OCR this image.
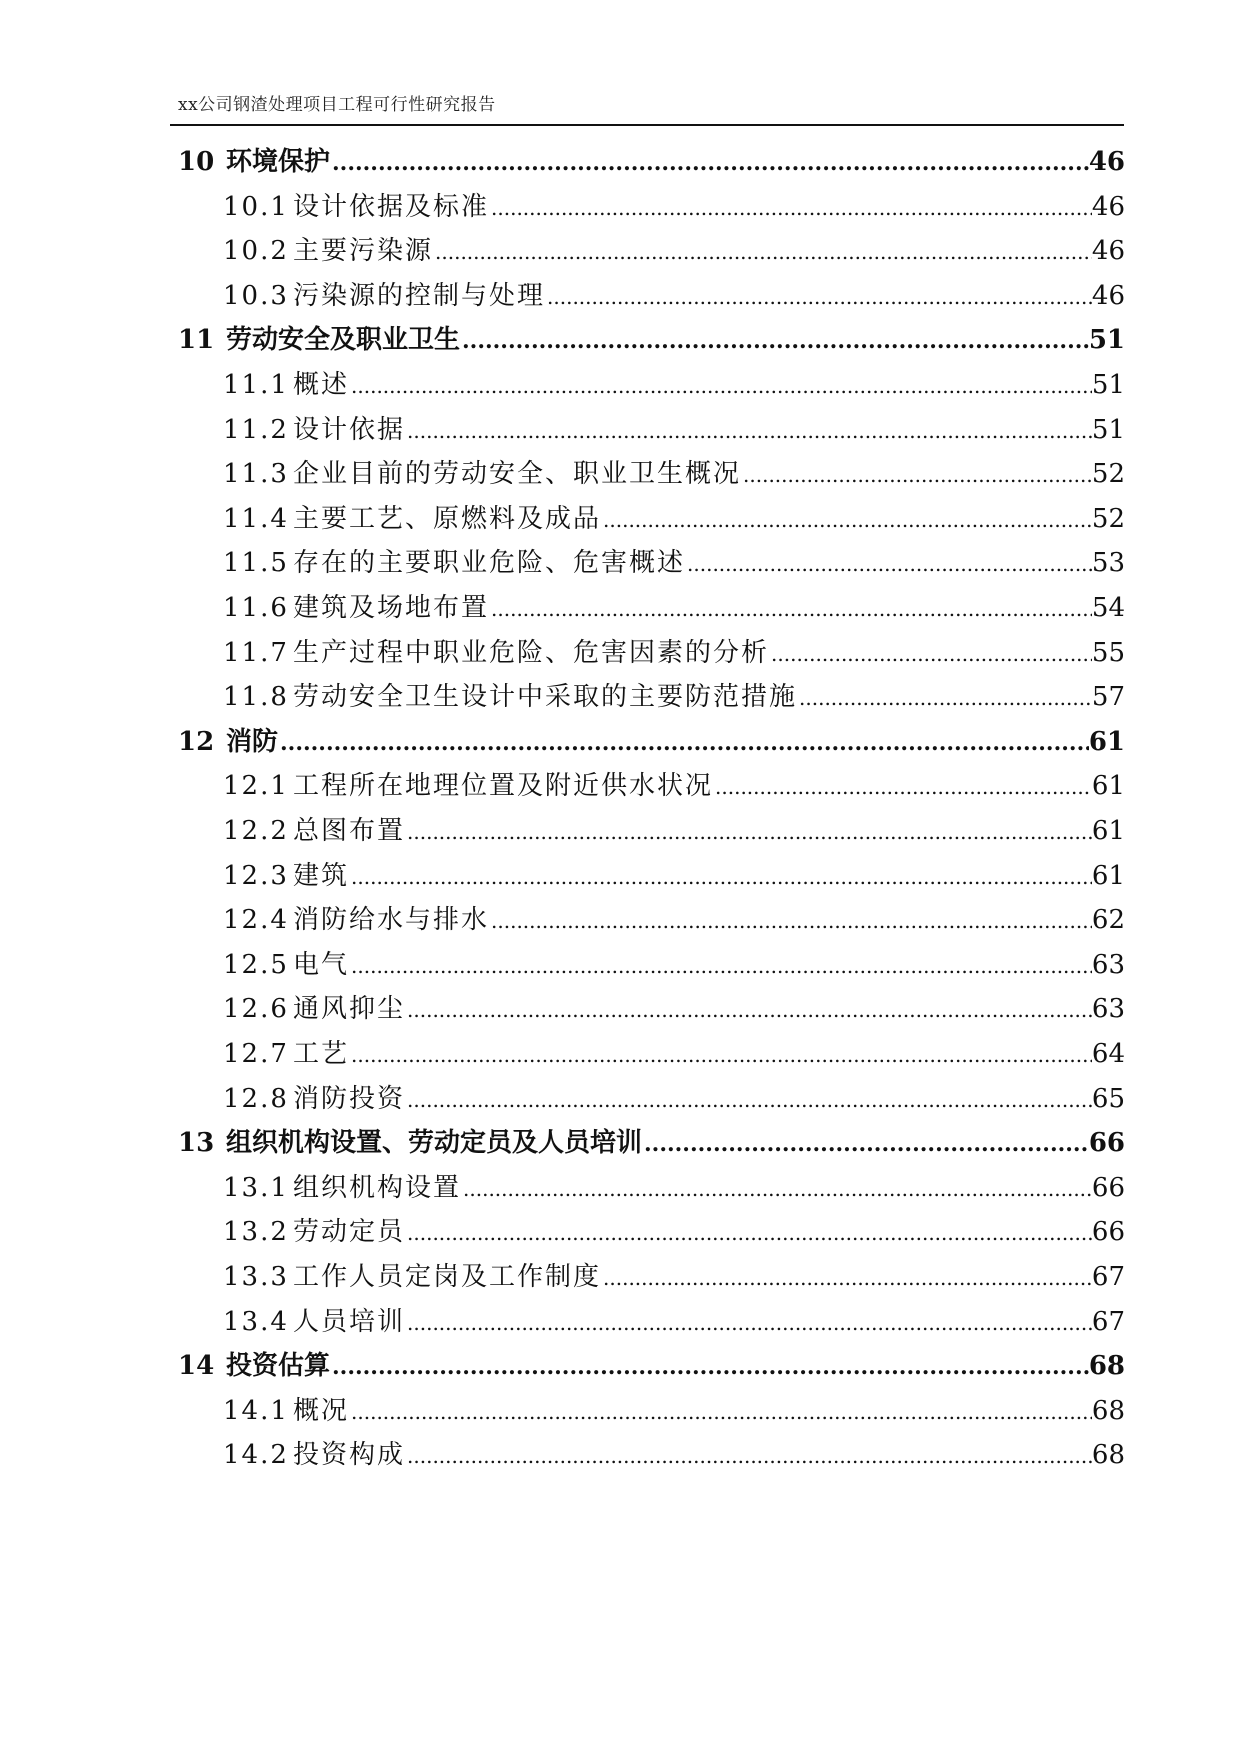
xx公司钢渣处理项目工程可行性研究报告
10 环境保护 .....	46
10.1 设计依据及标准 .....	46
10.2 主要污染源 .....	46
10.3 污染源的控制与处理 .....	46
11 劳动安全及职业卫生 .....	51
11.1 概述 .....	51
11.2 设计依据 .....	51
11.3 企业目前的劳动安全、职业卫生概况 .....	52
11.4 主要工艺、原燃料及成品 .....	52
11.5 存在的主要职业危险、危害概述 .....	53
11.6 建筑及场地布置 .....	54
11.7 生产过程中职业危险、危害因素的分析 .....	55
11.8 劳动安全卫生设计中采取的主要防范措施 .....	57
12 消防 .....	61
12.1 工程所在地理位置及附近供水状况 .....	61
12.2 总图布置 .....	61
12.3 建筑 .....	61
12.4 消防给水与排水 .....	62
12.5 电气 .....	63
12.6 通风抑尘 .....	63
12.7 工艺 .....	64
12.8 消防投资 .....	65
13 组织机构设置、劳动定员及人员培训 .....	66
13.1 组织机构设置 .....	66
13.2 劳动定员 .....	66
13.3 工作人员定岗及工作制度 .....	67
13.4 人员培训 .....	67
14 投资估算 .....	68
14.1 概况 .....	68
14.2 投资构成 .....	68
